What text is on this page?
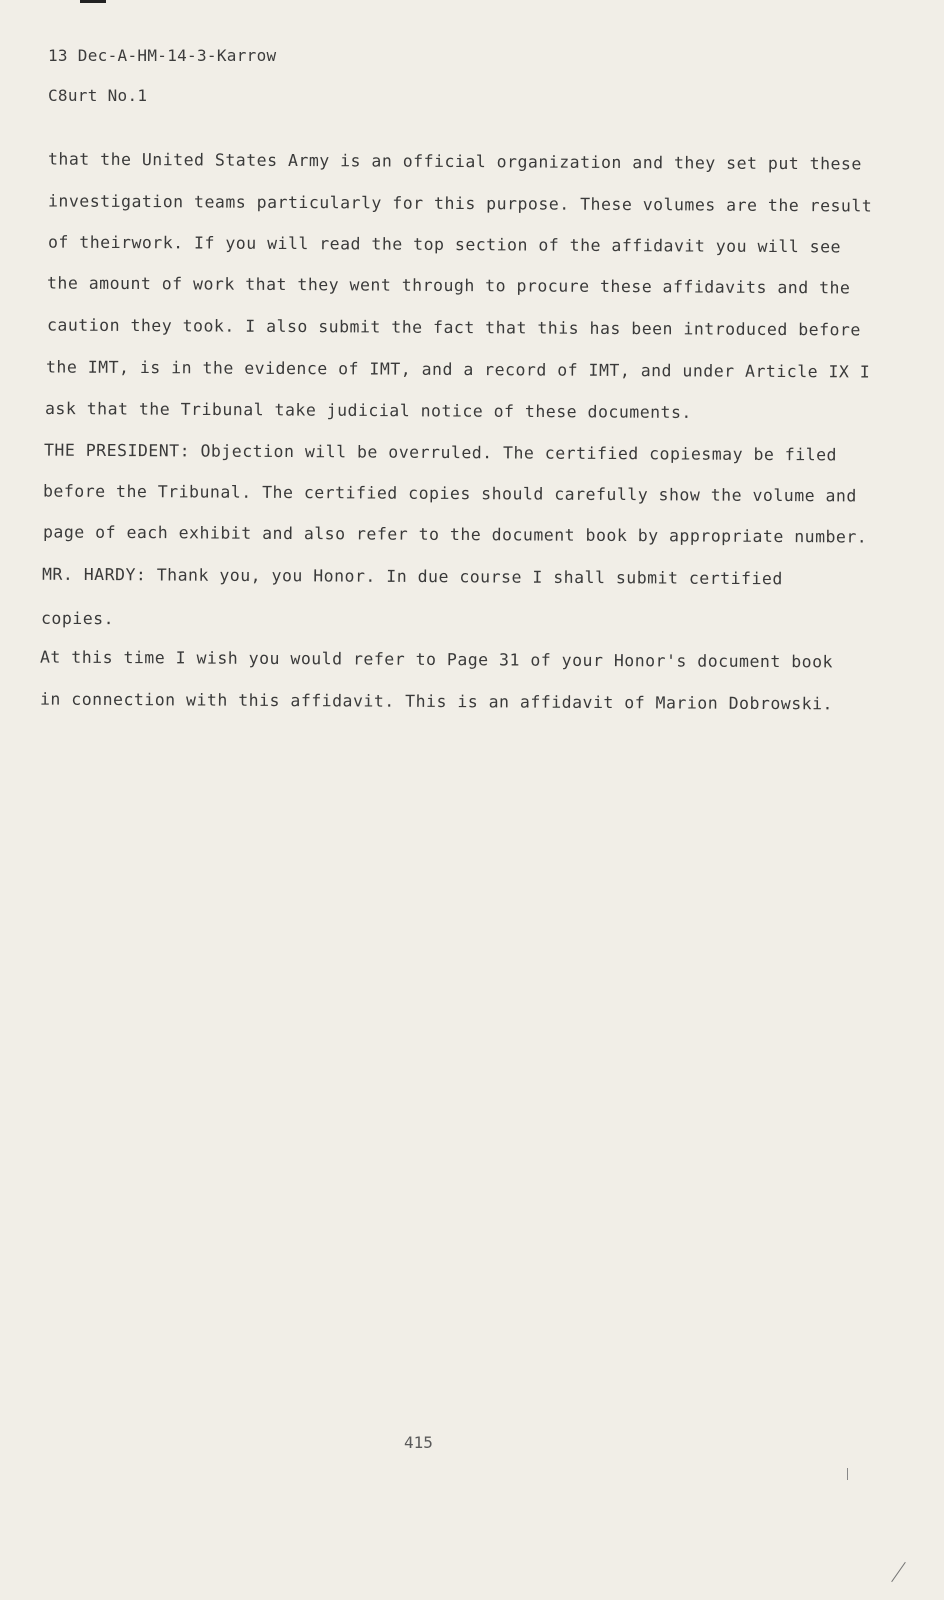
13 Dec-A-HM-14-3-Karrow
C8urt No.1
that the United States Army is an official organization and they set put these
investigation teams particularly for this purpose. These volumes are the result
of theirwork. If you will read the top section of the affidavit you will see
the amount of work that they went through to procure these affidavits and the
caution they took. I also submit the fact that this has been introduced before
the IMT, is in the evidence of IMT, and a record of IMT, and under Article IX I
ask that the Tribunal take judicial notice of these documents.
THE PRESIDENT: Objection will be overruled. The certified copiesmay be filed
before the Tribunal. The certified copies should carefully show the volume and
page of each exhibit and also refer to the document book by appropriate number.
MR. HARDY: Thank you, you Honor. In due course I shall submit certified
copies.
At this time I wish you would refer to Page 31 of your Honor's document book
in connection with this affidavit. This is an affidavit of Marion Dobrowski.
415
